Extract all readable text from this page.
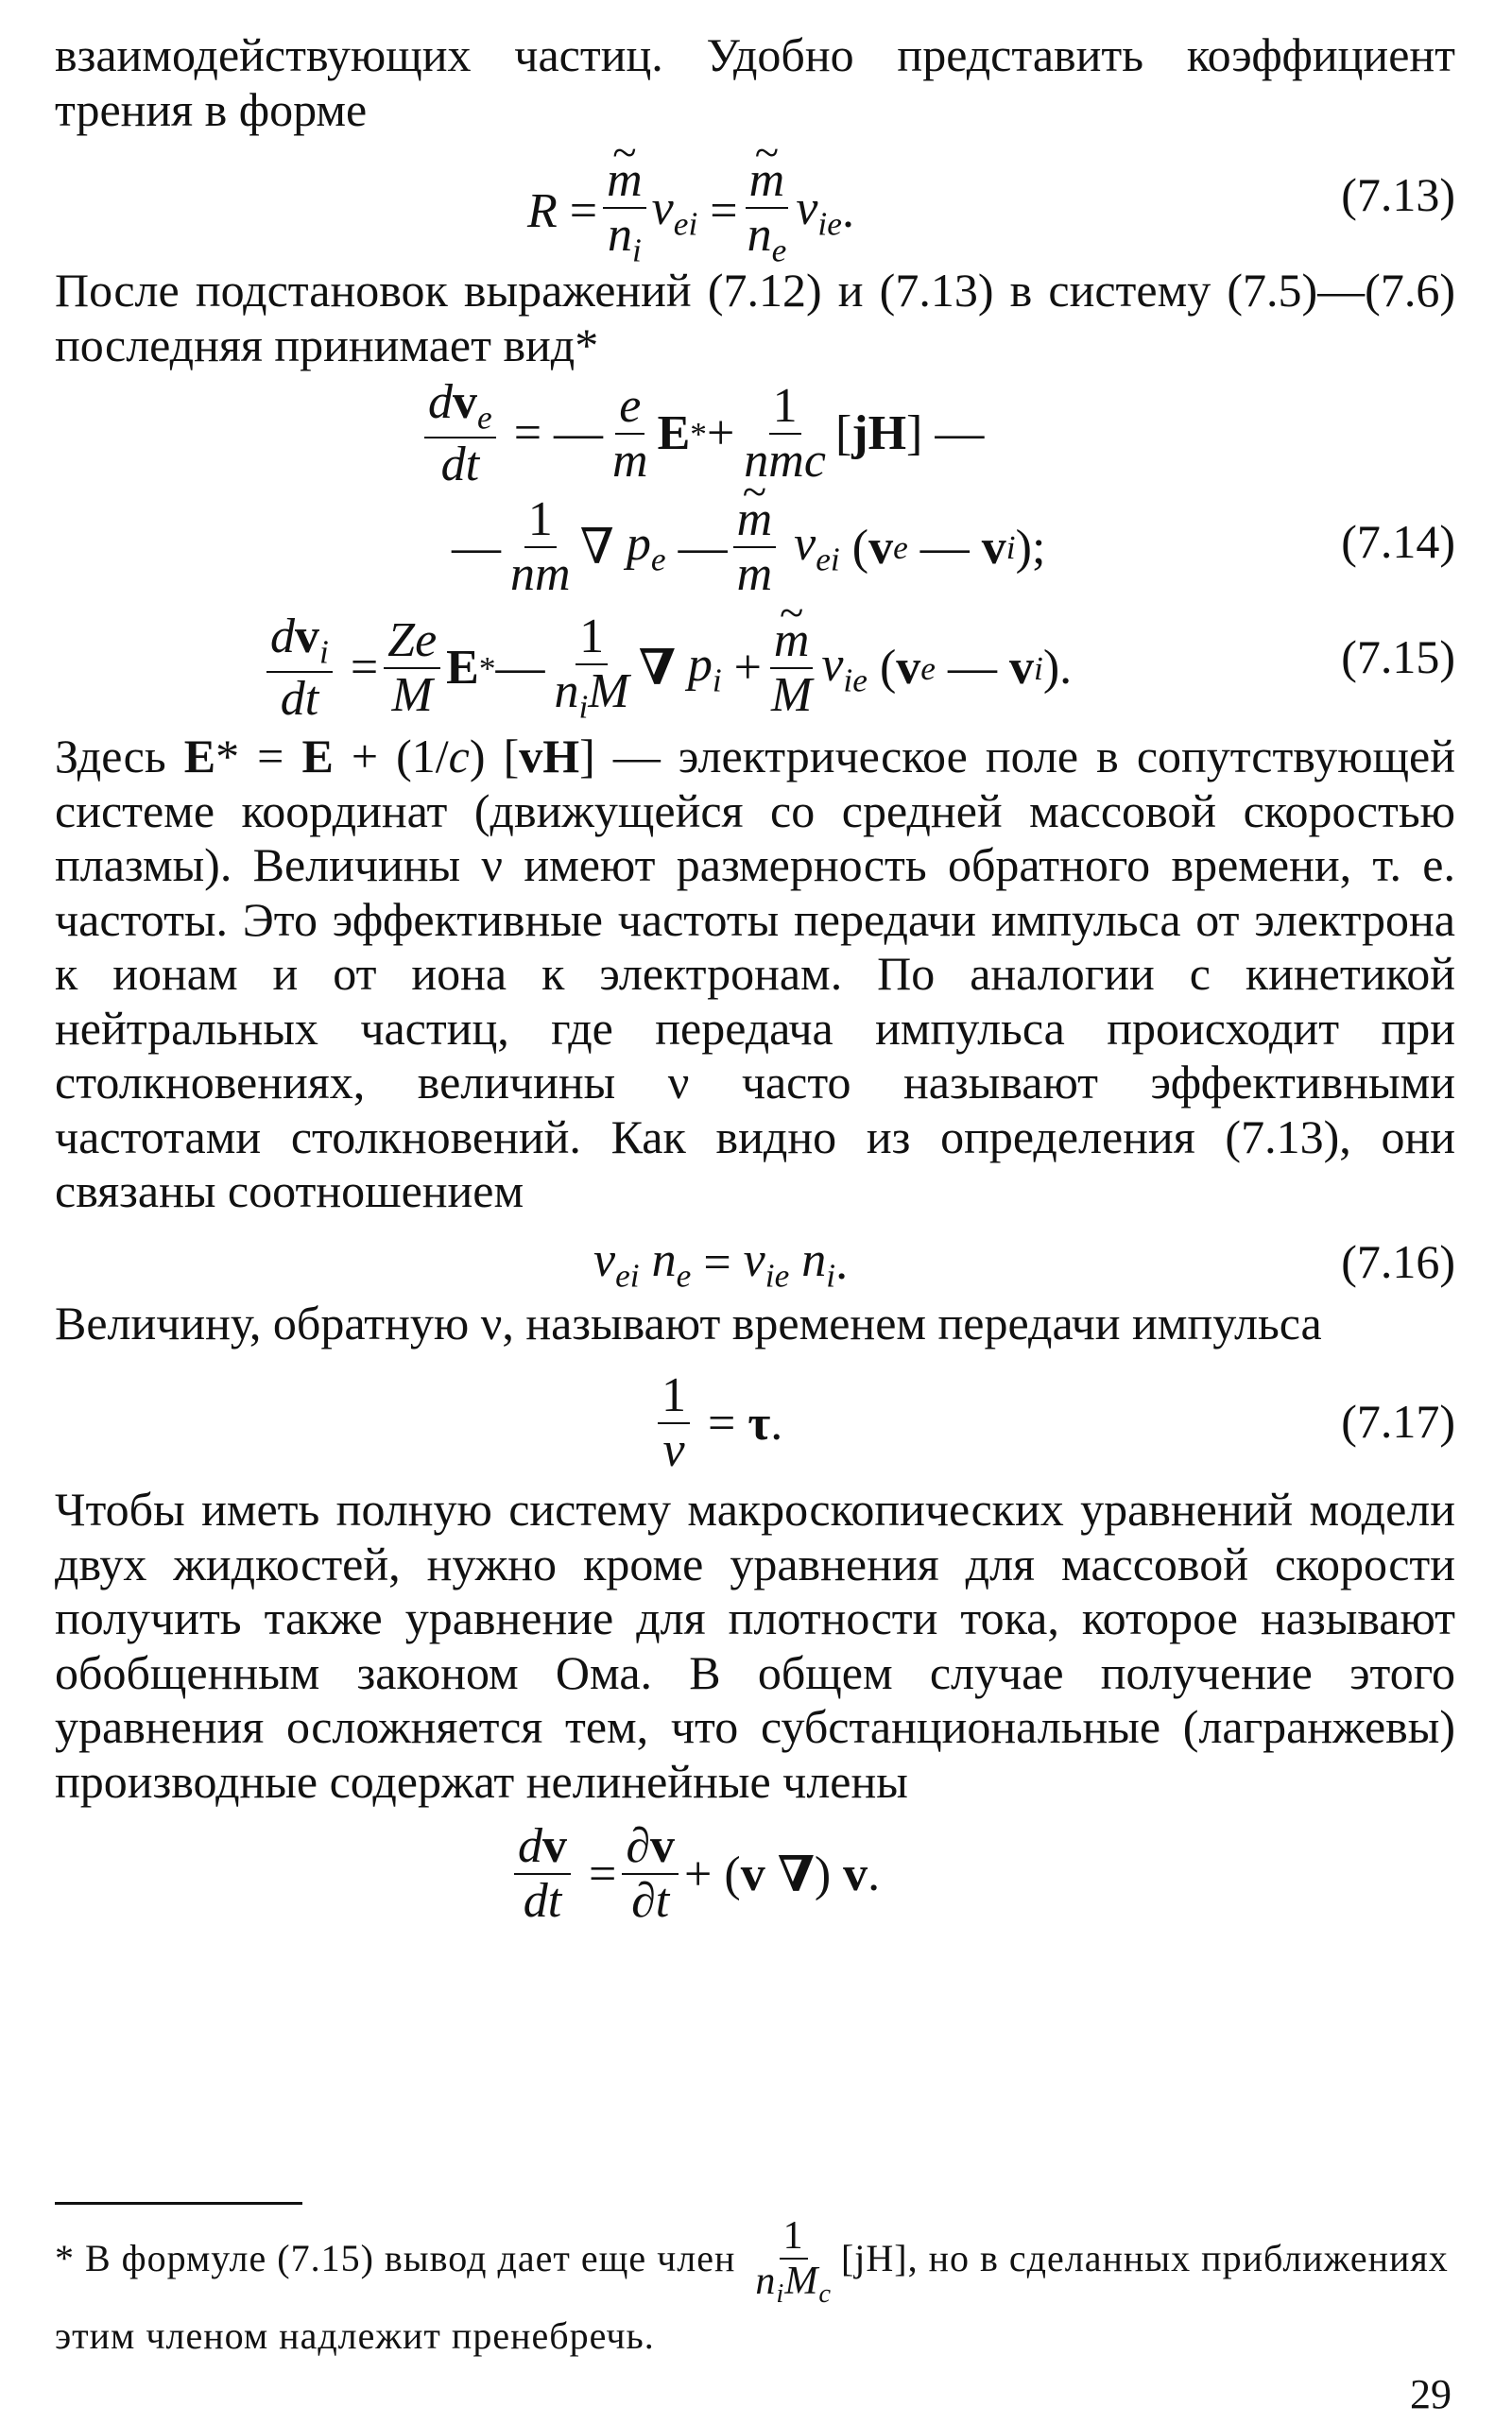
взаимодействующих частиц. Удобно представить коэффициент трения в форме

R = ~ $\frac{m}{n_i} \nu_{ei}$ = ~ $\frac{m}{n_e} \nu_{ie}$ .	(7.13)

После подстановок выражений (7.12) и (7.13) в систему (7.5)—(7.6) последняя принимает вид*

$\frac{dv_e}{dt}$ = — $\frac{e}{m}$ E * + $\frac{1}{\text{nmc}}$ [ jH ] —
— $\frac{1}{nm}$ ∇ $p_e$ — ~ $\frac{m}{m}$
$\nu_{ei}$ ( v e — v i );	(7.14)
$\frac{dv_i}{dt} = \frac{Ze}{M}$ E * — $\frac{1}{n_iM}$ ∇
$p_i$ + ~ $\frac{m}{M} \nu_{ie}$ ( v e — v i ).	(7.15)

Здесь E* = E + (1/c) [vH] — электрическое поле в сопутствующей системе координат (движущейся со средней массовой скоростью плазмы). Величины ν имеют размерность обратного времени, т. е. частоты. Это эффективные частоты передачи импульса от электрона к ионам и от иона к электронам. По аналогии с кинетикой нейтральных частиц, где передача импульса происходит при столкновениях, величины ν часто называют эффективными частотами столкновений. Как видно из определения (7.13), они связаны соотношением

$\nu_{ei}$
$n_e = \nu_{ie}$
$n_i$ .	(7.16)

Величину, обратную ν, называют временем передачи импульса

$\frac{1}{\nu} = \tau$ .	(7.17)

Чтобы иметь полную систему макроскопических уравнений модели двух жидкостей, нужно кроме уравнения для массовой скорости получить также уравнение для плотности тока, которое называют обобщенным законом Ома. В общем случае получение этого уравнения осложняется тем, что субстанциональные (лагранжевы) производные содержат нелинейные члены

$\frac{dv}{dt} = \frac{\partial v}{\partial t}$ + ( v
∇ ) v .
* В формуле (7.15) вывод дает еще член $\frac{1}{n_iM_c} [jH]$, но в сделанных приближениях этим членом надлежит пренебречь.
29
